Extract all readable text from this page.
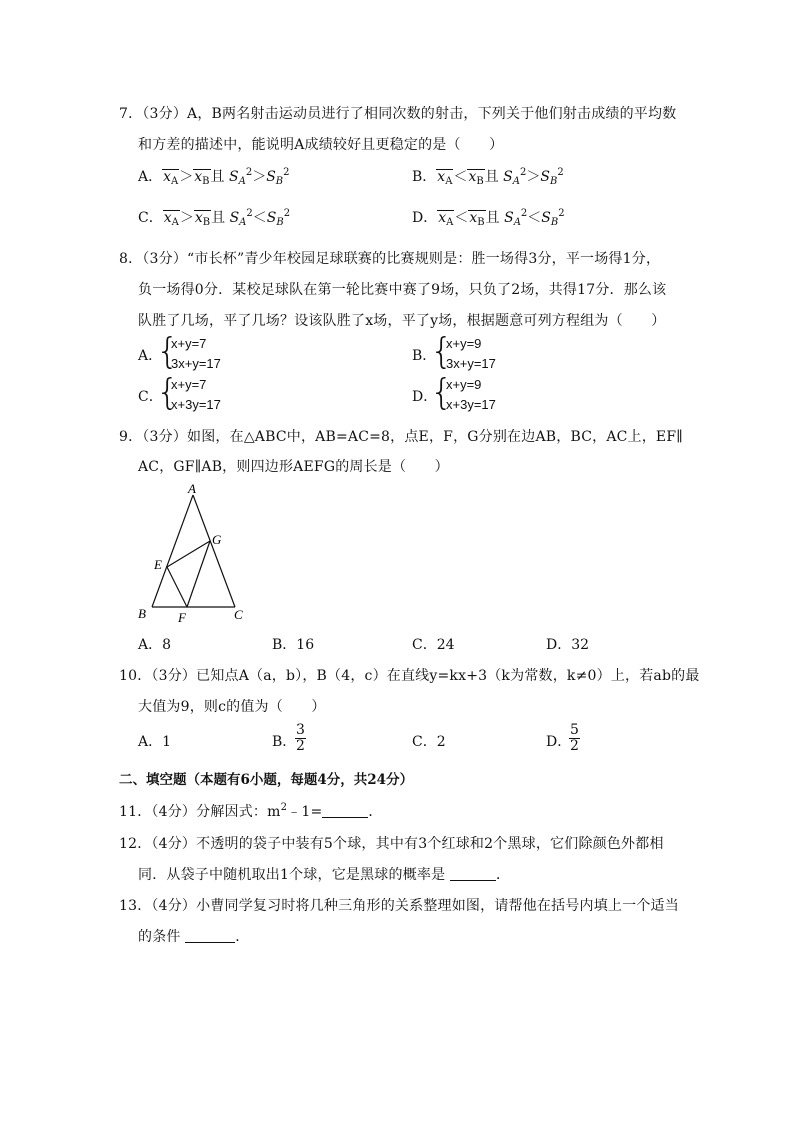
7．（3分）A，B两名射击运动员进行了相同次数的射击，下列关于他们射击成绩的平均数
和方差的描述中，能说明A成绩较好且更稳定的是（　　）
A．$x_A>x_B$且 $S_A^2>S_B^2$	B．$x_A<x_B$且 $S_A^2>S_B^2$
C．$x_A>x_B$且 $S_A^2<S_B^2$	D．$x_A<x_B$且 $S_A^2<S_B^2$
8．（3分）“市长杯”青少年校园足球联赛的比赛规则是：胜一场得3分，平一场得1分，
负一场得0分．某校足球队在第一轮比赛中赛了9场，只负了2场，共得17分．那么该
队胜了几场，平了几场？设该队胜了x场，平了y场，根据题意可列方程组为（　　）
A．
{
x+y=7
3x+y=17	B．
{
x+y=9
3x+y=17
C．
{
x+y=7
x+3y=17	D．
{
x+y=9
x+3y=17
9．（3分）如图，在△ABC中，AB=AC=8，点E，F，G分别在边AB，BC，AC上，EF∥
AC，GF∥AB，则四边形AEFG的周长是（　　）
A
B	C
E
F
G
A．8	B．16	C．24	D．32
10．（3分）已知点A（a，b），B（4，c）在直线y=kx+3（k为常数，k≠0）上，若ab的最
大值为9，则c的值为（　　）
A．1	B．
$\frac{3}{2}$	C．2	D．
$\frac{5}{2}$
二、填空题（本题有6小题，每题4分，共24分）
11．（4分）分解因式：$m^2﹣1=$	．
12．（4分）不透明的袋子中装有5个球，其中有3个红球和2个黑球，它们除颜色外都相
同．从袋子中随机取出1个球，它是黑球的概率是	．
13．（4分）小曹同学复习时将几种三角形的关系整理如图，请帮他在括号内填上一个适当
的条件	．
